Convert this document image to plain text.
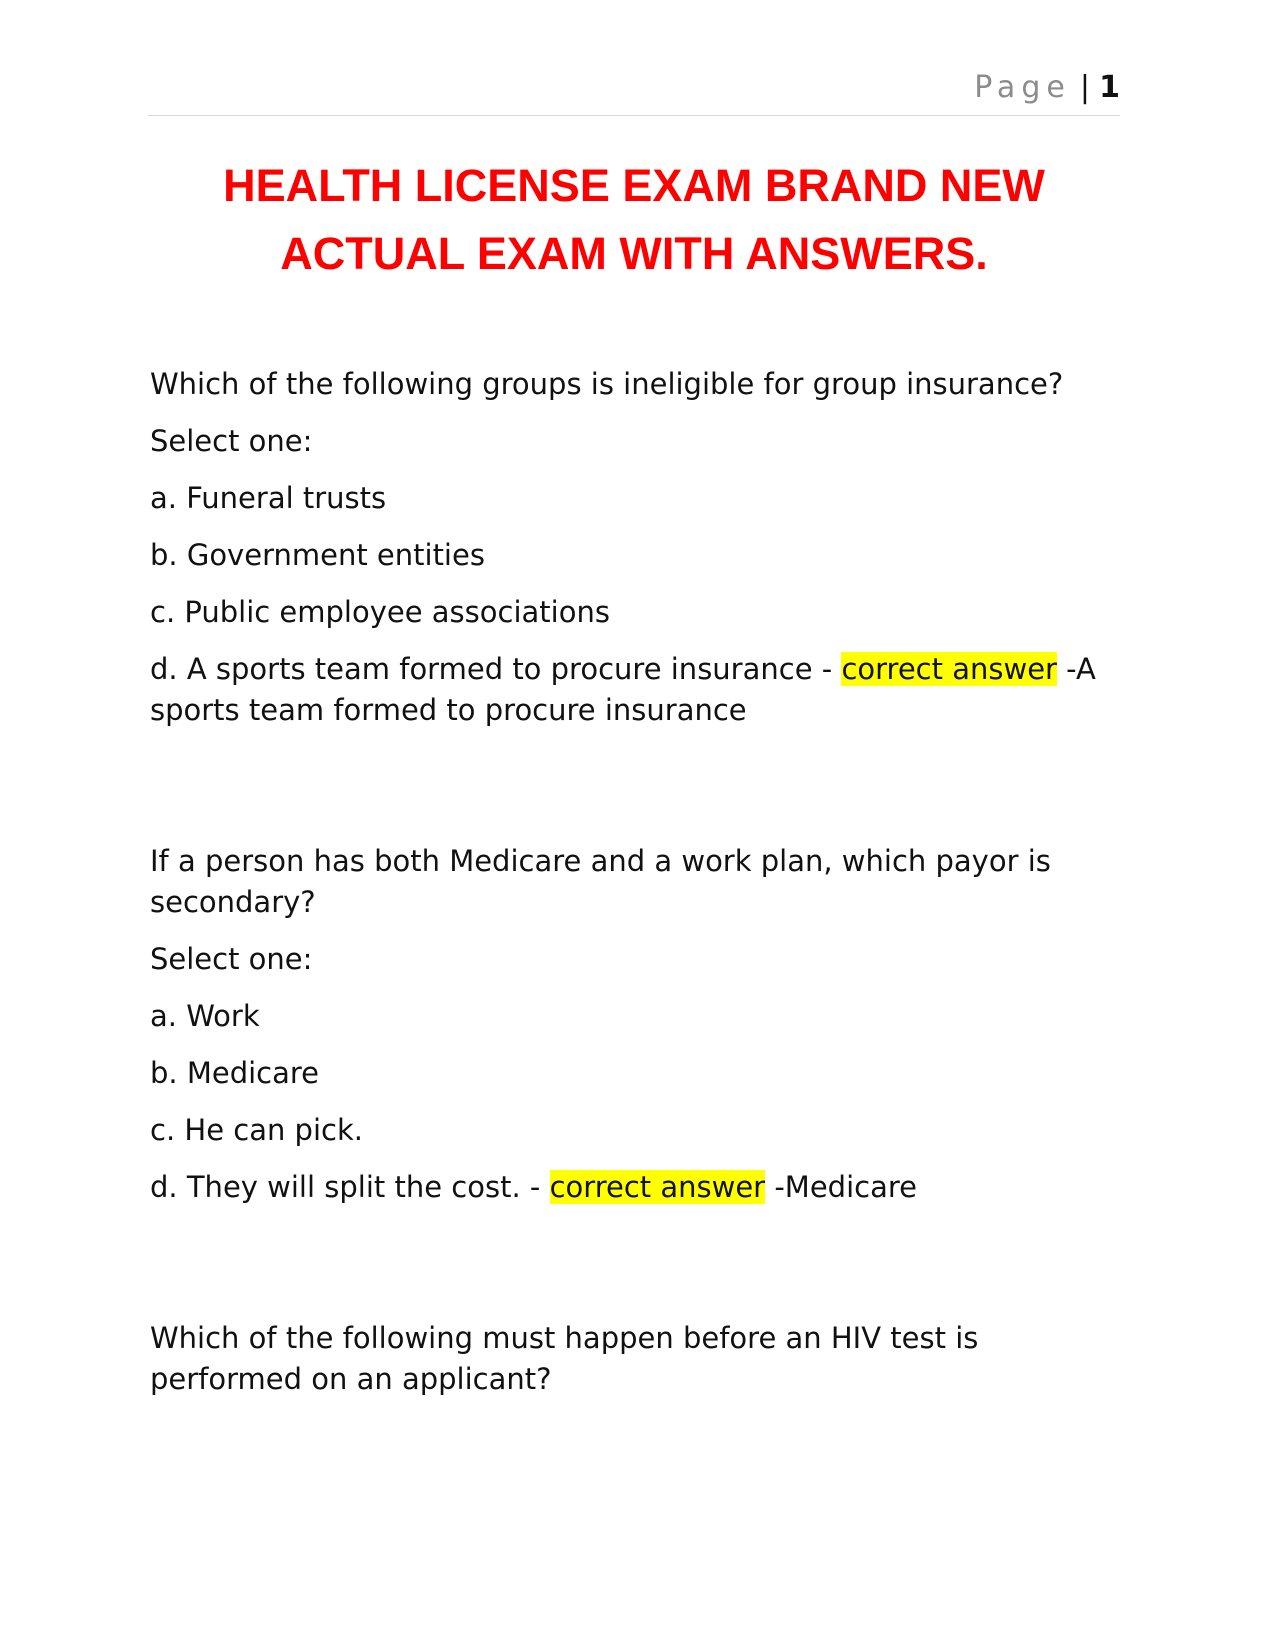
Page | 1
HEALTH LICENSE EXAM BRAND NEW
ACTUAL EXAM WITH ANSWERS.

Which of the following groups is ineligible for group insurance?

Select one:

a. Funeral trusts

b. Government entities

c. Public employee associations

d. A sports team formed to procure insurance - correct answer -A sports team formed to procure insurance

If a person has both Medicare and a work plan, which payor is secondary?

Select one:

a. Work

b. Medicare

c. He can pick.

d. They will split the cost. - correct answer -Medicare

Which of the following must happen before an HIV test is performed on an applicant?
